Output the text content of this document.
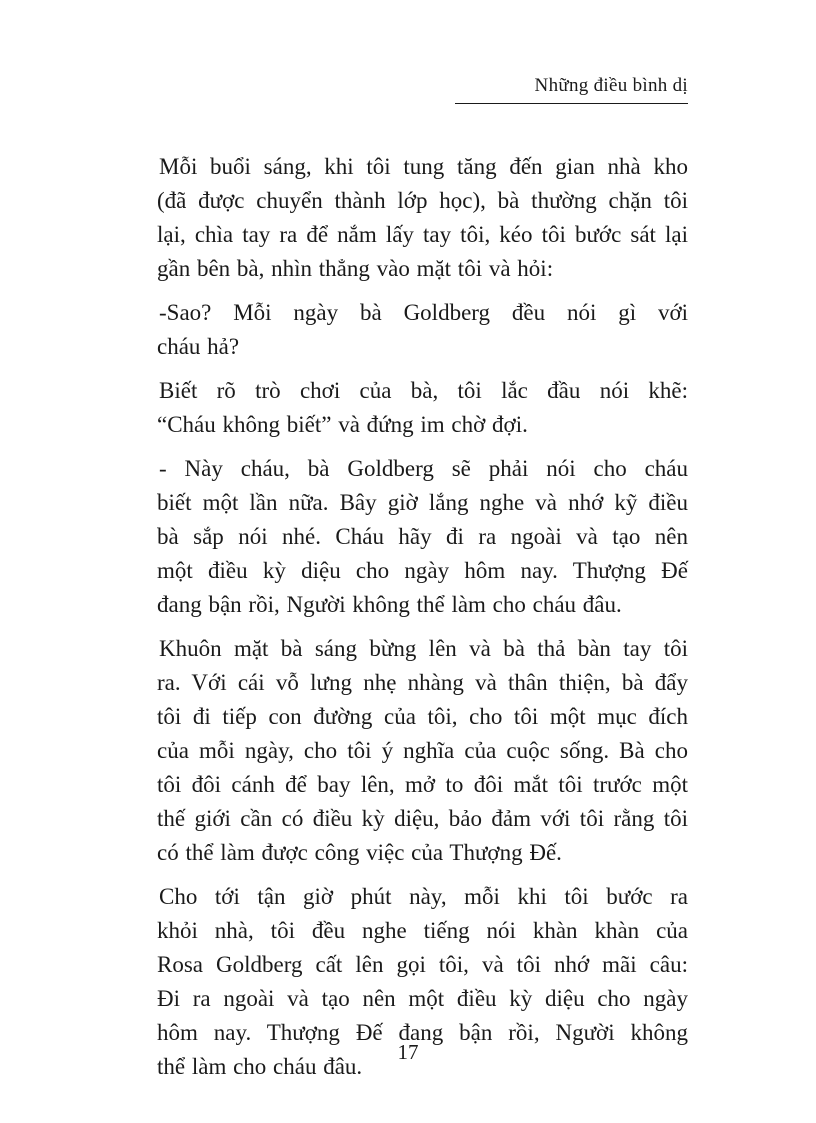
Những điều bình dị

Mỗi buổi sáng, khi tôi tung tăng đến gian nhà kho
(đã được chuyển thành lớp học), bà thường chặn tôi
lại, chìa tay ra để nắm lấy tay tôi, kéo tôi bước sát lại
gần bên bà, nhìn thẳng vào mặt tôi và hỏi:

-Sao? Mỗi ngày bà Goldberg đều nói gì với
cháu hả?

Biết rõ trò chơi của bà, tôi lắc đầu nói khẽ:
“Cháu không biết” và đứng im chờ đợi.

- Này cháu, bà Goldberg sẽ phải nói cho cháu
biết một lần nữa. Bây giờ lắng nghe và nhớ kỹ điều
bà sắp nói nhé. Cháu hãy đi ra ngoài và tạo nên
một điều kỳ diệu cho ngày hôm nay. Thượng Đế
đang bận rồi, Người không thể làm cho cháu đâu.

Khuôn mặt bà sáng bừng lên và bà thả bàn tay tôi
ra. Với cái vỗ lưng nhẹ nhàng và thân thiện, bà đẩy
tôi đi tiếp con đường của tôi, cho tôi một mục đích
của mỗi ngày, cho tôi ý nghĩa của cuộc sống. Bà cho
tôi đôi cánh để bay lên, mở to đôi mắt tôi trước một
thế giới cần có điều kỳ diệu, bảo đảm với tôi rằng tôi
có thể làm được công việc của Thượng Đế.

Cho tới tận giờ phút này, mỗi khi tôi bước ra
khỏi nhà, tôi đều nghe tiếng nói khàn khàn của
Rosa Goldberg cất lên gọi tôi, và tôi nhớ mãi câu:
Đi ra ngoài và tạo nên một điều kỳ diệu cho ngày
hôm nay. Thượng Đế đang bận rồi, Người không
thể làm cho cháu đâu.

17
